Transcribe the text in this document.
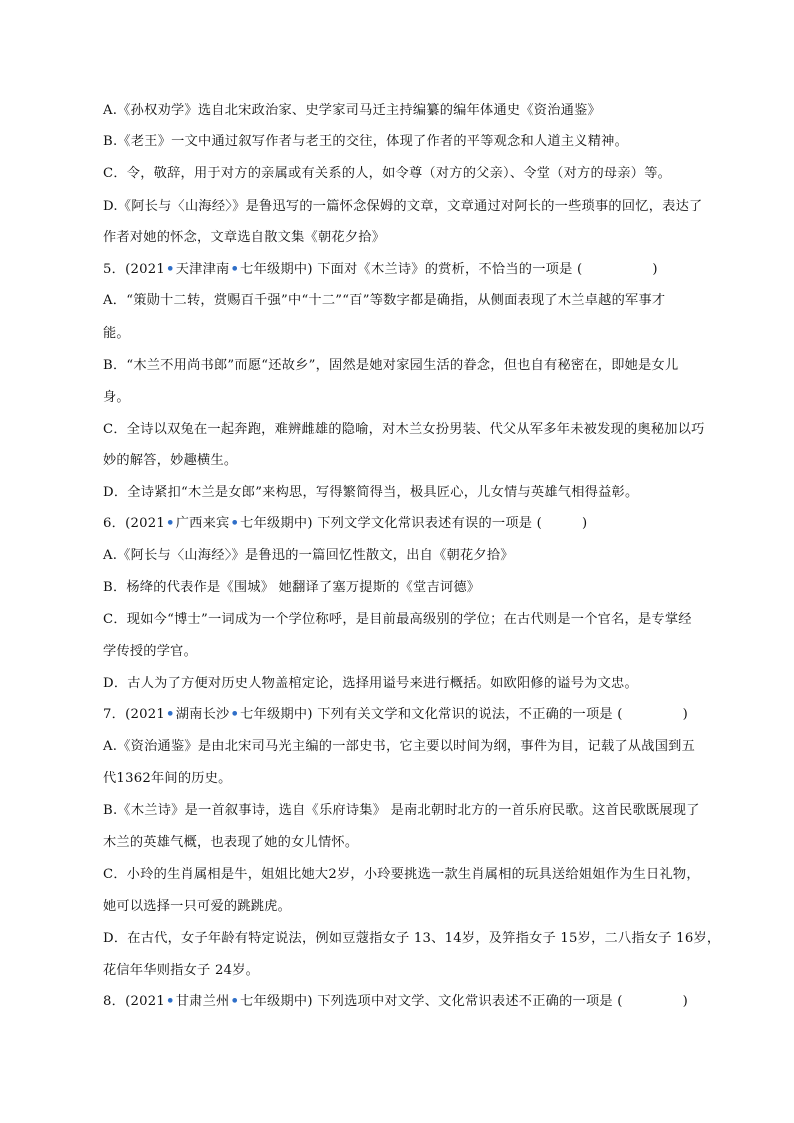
A.《孙权劝学》选自北宋政治家、史学家司马迁主持编纂的编年体通史《资治通鉴》
B.《老王》一文中通过叙写作者与老王的交往，体现了作者的平等观念和人道主义精神。
C．令，敬辞，用于对方的亲属或有关系的人，如令尊（对方的父亲）、令堂（对方的母亲）等。
D.《阿长与〈山海经〉》是鲁迅写的一篇怀念保姆的文章，文章通过对阿长的一些琐事的回忆，表达了
作者对她的怀念，文章选自散文集《朝花夕拾》
5．(2021•天津津南•七年级期中) 下面对《木兰诗》的赏析，不恰当的一项是 (	)
A．“策勋十二转，赏赐百千强”中“十二”“百”等数字都是确指，从侧面表现了木兰卓越的军事才
能。
B．“木兰不用尚书郎”而愿“还故乡”，固然是她对家园生活的眷念，但也自有秘密在，即她是女儿
身。
C．全诗以双兔在一起奔跑，难辨雌雄的隐喻，对木兰女扮男装、代父从军多年未被发现的奥秘加以巧
妙的解答，妙趣横生。
D．全诗紧扣“木兰是女郎”来构思，写得繁简得当，极具匠心，儿女情与英雄气相得益彰。
6．(2021•广西来宾•七年级期中) 下列文学文化常识表述有误的一项是 (	)
A.《阿长与〈山海经〉》是鲁迅的一篇回忆性散文，出自《朝花夕拾》
B．杨绛的代表作是《围城》 她翻译了塞万提斯的《堂吉诃德》
C．现如今“博士”一词成为一个学位称呼，是目前最高级别的学位；在古代则是一个官名，是专掌经
学传授的学官。
D．古人为了方便对历史人物盖棺定论，选择用谥号来进行概括。如欧阳修的谥号为文忠。
7．(2021•湖南长沙•七年级期中) 下列有关文学和文化常识的说法，不正确的一项是 (	)
A.《资治通鉴》是由北宋司马光主编的一部史书，它主要以时间为纲，事件为目，记载了从战国到五
代1362年间的历史。
B.《木兰诗》是一首叙事诗，选自《乐府诗集》 是南北朝时北方的一首乐府民歌。这首民歌既展现了
木兰的英雄气概，也表现了她的女儿情怀。
C．小玲的生肖属相是牛，姐姐比她大2岁，小玲要挑选一款生肖属相的玩具送给姐姐作为生日礼物，
她可以选择一只可爱的跳跳虎。
D．在古代，女子年龄有特定说法，例如豆蔻指女子 13、14岁，及笄指女子 15岁，二八指女子 16岁，
花信年华则指女子 24岁。
8．(2021•甘肃兰州•七年级期中) 下列选项中对文学、文化常识表述不正确的一项是 (	)
